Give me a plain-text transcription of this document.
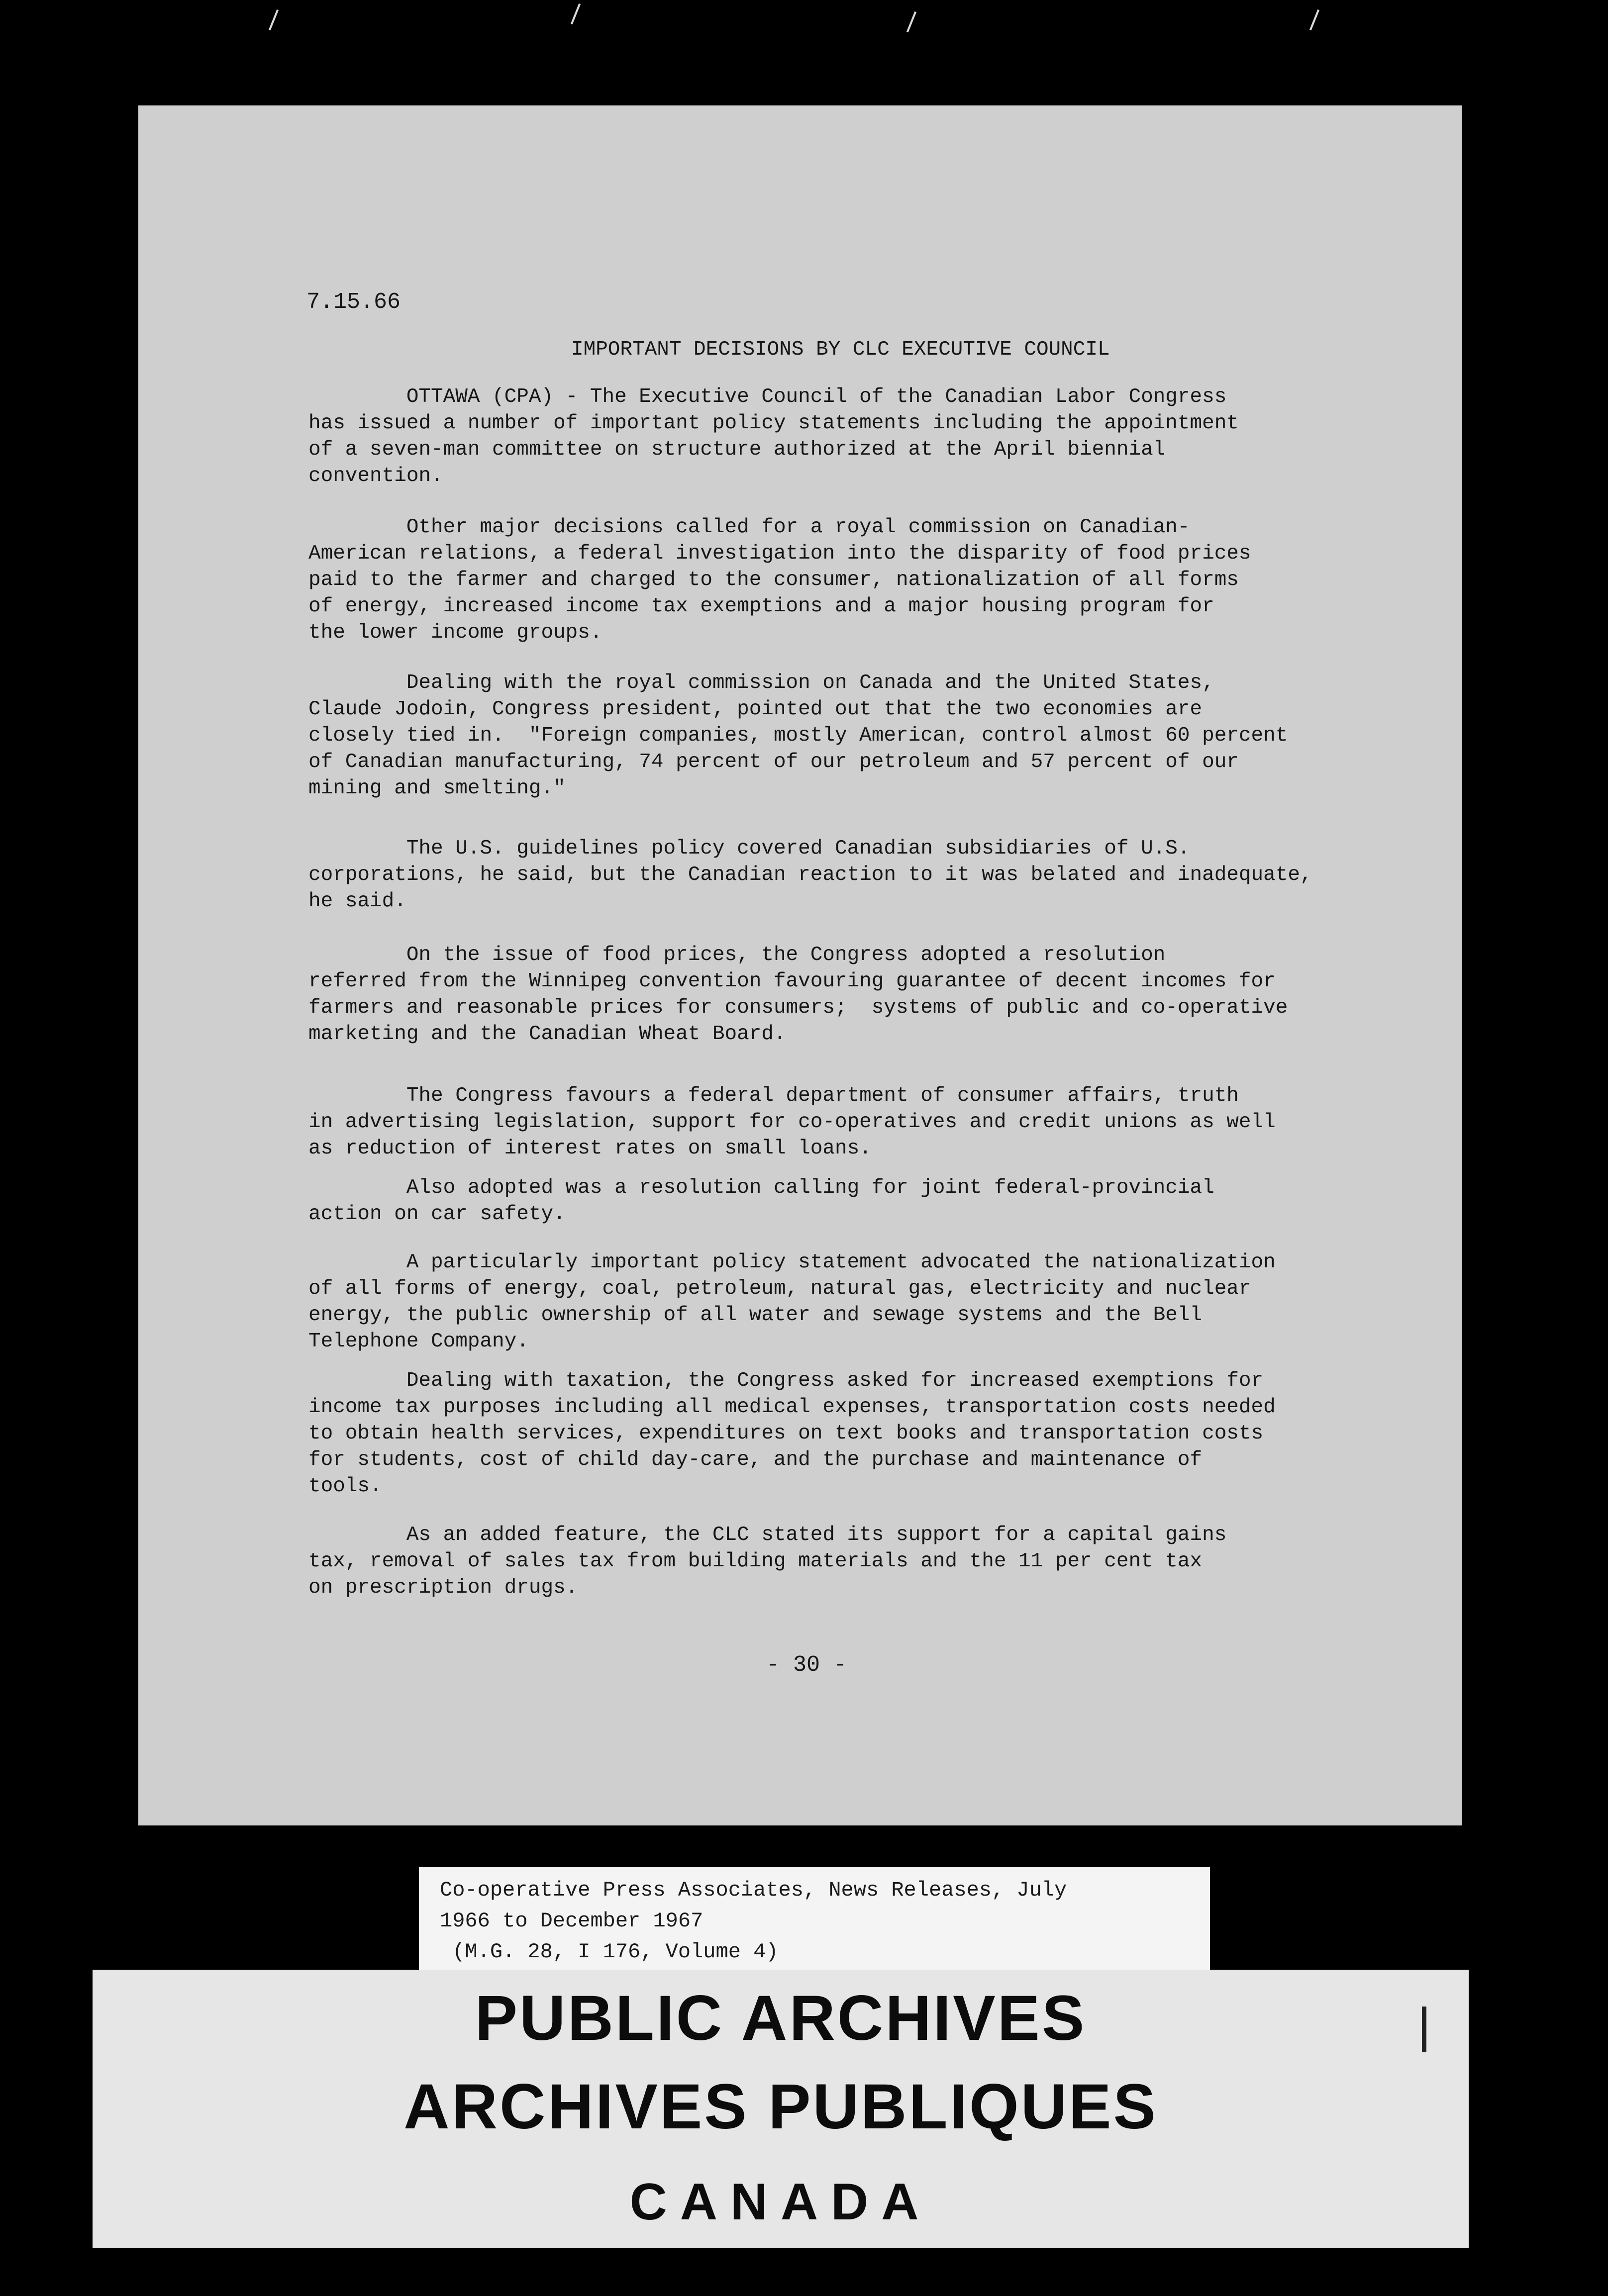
7.15.66
IMPORTANT DECISIONS BY CLC EXECUTIVE COUNCIL

OTTAWA (CPA) - The Executive Council of the Canadian Labor Congress
has issued a number of important policy statements including the appointment
of a seven-man committee on structure authorized at the April biennial
convention.

Other major decisions called for a royal commission on Canadian-
American relations, a federal investigation into the disparity of food prices
paid to the farmer and charged to the consumer, nationalization of all forms
of energy, increased income tax exemptions and a major housing program for
the lower income groups.

Dealing with the royal commission on Canada and the United States,
Claude Jodoin, Congress president, pointed out that the two economies are
closely tied in.  "Foreign companies, mostly American, control almost 60 percent
of Canadian manufacturing, 74 percent of our petroleum and 57 percent of our
mining and smelting."

The U.S. guidelines policy covered Canadian subsidiaries of U.S.
corporations, he said, but the Canadian reaction to it was belated and inadequate,
he said.

On the issue of food prices, the Congress adopted a resolution
referred from the Winnipeg convention favouring guarantee of decent incomes for
farmers and reasonable prices for consumers;  systems of public and co-operative
marketing and the Canadian Wheat Board.

The Congress favours a federal department of consumer affairs, truth
in advertising legislation, support for co-operatives and credit unions as well
as reduction of interest rates on small loans.

Also adopted was a resolution calling for joint federal-provincial
action on car safety.

A particularly important policy statement advocated the nationalization
of all forms of energy, coal, petroleum, natural gas, electricity and nuclear
energy, the public ownership of all water and sewage systems and the Bell
Telephone Company.

Dealing with taxation, the Congress asked for increased exemptions for
income tax purposes including all medical expenses, transportation costs needed
to obtain health services, expenditures on text books and transportation costs
for students, cost of child day-care, and the purchase and maintenance of
tools.

As an added feature, the CLC stated its support for a capital gains
tax, removal of sales tax from building materials and the 11 per cent tax
on prescription drugs.

- 30 -
Co-operative Press Associates, News Releases, July
1966 to December 1967
(M.G. 28, I 176, Volume 4)
PUBLIC ARCHIVES
ARCHIVES PUBLIQUES
CANADA
